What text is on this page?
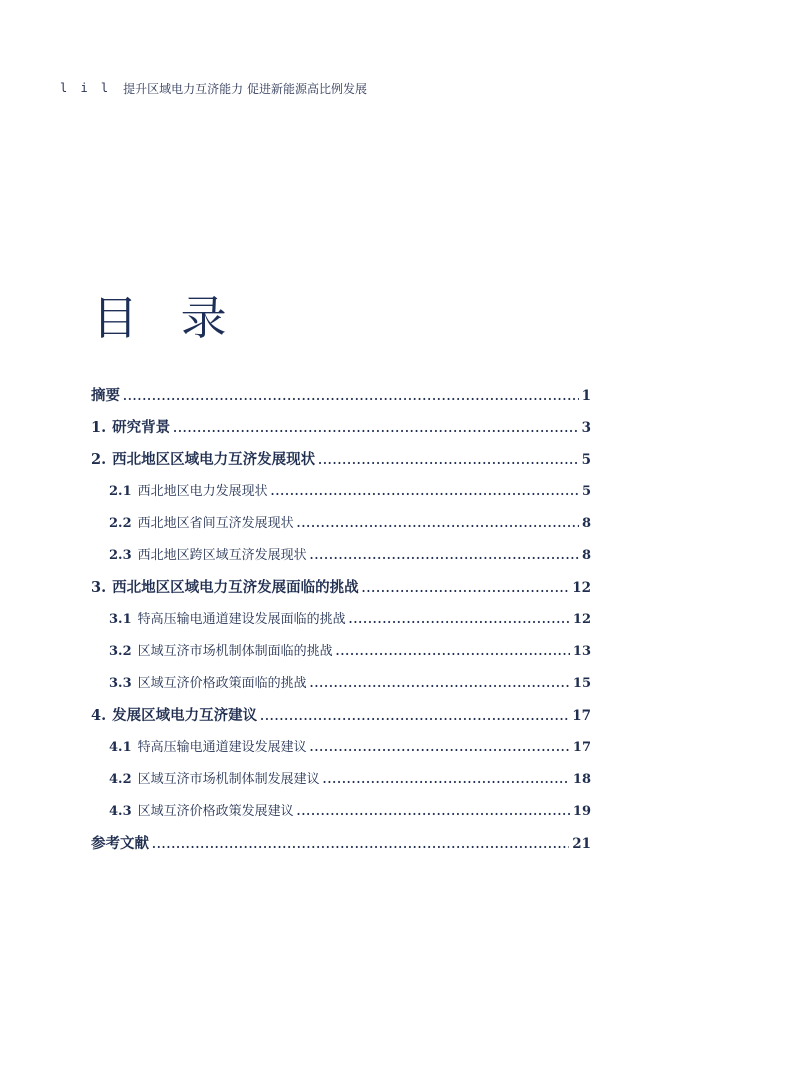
l i l 提升区域电力互济能力 促进新能源高比例发展
目 录
摘要 .....	1
1. 研究背景 .....	3
2. 西北地区区域电力互济发展现状 .....	5
2.1 西北地区电力发展现状 .....	5
2.2 西北地区省间互济发展现状 .....	8
2.3 西北地区跨区域互济发展现状 .....	8
3. 西北地区区域电力互济发展面临的挑战 .....	12
3.1 特高压输电通道建设发展面临的挑战 .....	12
3.2 区域互济市场机制体制面临的挑战 .....	13
3.3 区域互济价格政策面临的挑战 .....	15
4. 发展区域电力互济建议 .....	17
4.1 特高压输电通道建设发展建议 .....	17
4.2 区域互济市场机制体制发展建议 .....	18
4.3 区域互济价格政策发展建议 .....	19
参考文献 .....	21
